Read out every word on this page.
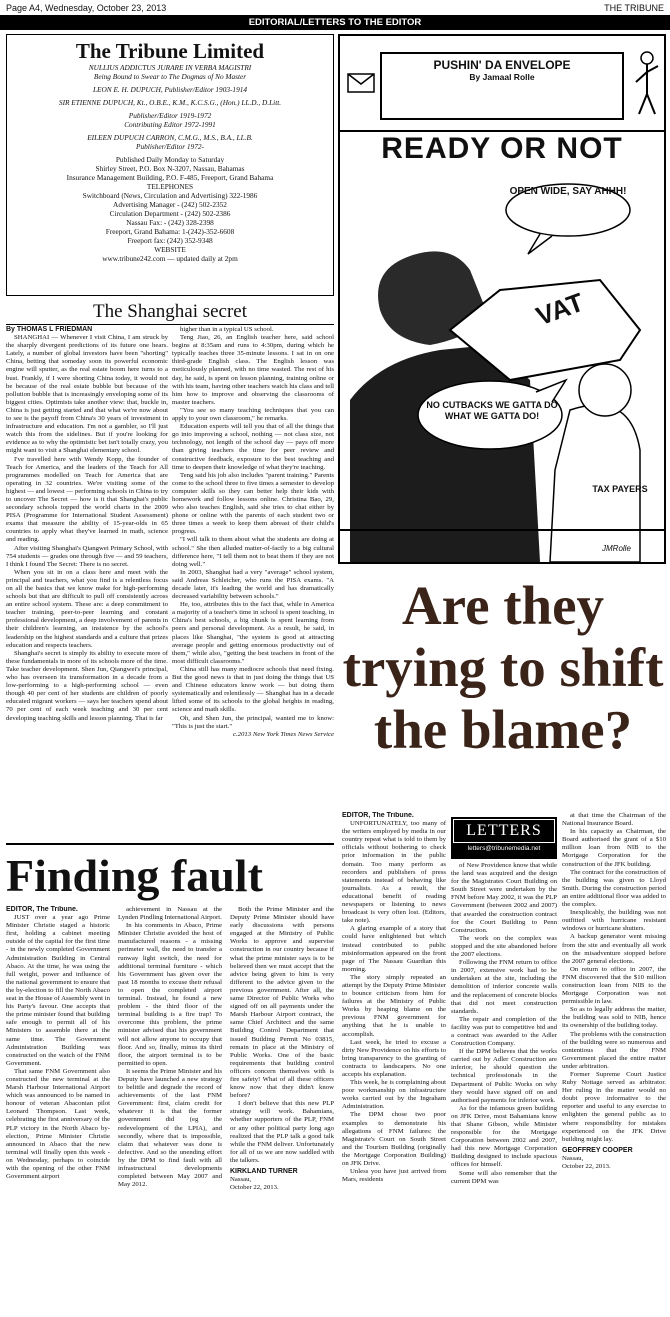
Page A4, Wednesday, October 23, 2013	THE TRIBUNE
EDITORIAL/LETTERS TO THE EDITOR
The Tribune Limited
NULLIUS ADDICTUS JURARE IN VERBA MAGISTRI
Being Bound to Swear to The Dogmas of No Master

LEON E. H. DUPUCH, Publisher/Editor 1903-1914

SIR ETIENNE DUPUCH, Kt., O.B.E., K.M., K.C.S.G., (Hon.) LL.D., D.Litt.

Publisher/Editor 1919-1972
Contributing Editor 1972-1991

EILEEN DUPUCH CARRON, C.M.G., M.S., B.A., LL.B.
Publisher/Editor 1972-

Published Daily Monday to Saturday
Shirley Street, P.O. Box N-3207, Nassau, Bahamas
Insurance Management Building, P.O. F-485, Freeport, Grand Bahama
TELEPHONES
Switchboard (News, Circulation and Advertising) 322-1986
Advertising Manager - (242) 502-2352
Circulation Department - (242) 502-2386
Nassau Fax: - (242) 328-2398
Freeport, Grand Bahama: 1-(242)-352-6608
Freeport fax: (242) 352-9348
WEBSITE
www.tribune242.com — updated daily at 2pm

The Shanghai secret

By THOMAS L FRIEDMAN

SHANGHAI — Whenever I visit China, I am struck by the sharply divergent predictions of its future one hears. Lately, a number of global investors have been "shorting" China, betting that someday soon its powerful economic engine will sputter, as the real estate boom here turns to a bust. Frankly, if I were shorting China today, it would not be because of the real estate bubble but because of the pollution bubble that is increasingly enveloping some of its biggest cities. Optimists take another view: that, buckle in, China is just getting started and that what we're now about to see is the payoff from China's 30 years of investment in infrastructure and education. I'm not a gambler, so I'll just watch this from the sidelines. But if you're looking for evidence as to why the optimistic bet isn't totally crazy, you might want to visit a Shanghai elementary school.

I've travelled here with Wendy Kopp, the founder of Teach for America, and the leaders of the Teach for All programmes modelled on Teach for America that are operating in 32 countries. We're visiting some of the highest — and lowest — performing schools in China to try to uncover The Secret — how is it that Shanghai's public secondary schools topped the world charts in the 2009 PISA (Programme for International Student Assessment) exams that measure the ability of 15-year-olds in 65 countries to apply what they've learned in math, science and reading.

After visiting Shanghai's Qiangwei Primary School, with 754 students — grades one through five — and 59 teachers, I think I found The Secret: There is no secret.

When you sit in on a class here and meet with the principal and teachers, what you find is a relentless focus on all the basics that we know make for high-performing schools but that are difficult to pull off consistently across an entire school system. These are: a deep commitment to teacher training, peer-to-peer learning and constant professional development, a deep involvement of parents in their children's learning, an insistence by the school's leadership on the highest standards and a culture that prizes education and respects teachers.

Shanghai's secret is simply its ability to execute more of these fundamentals in more of its schools more of the time. Take teacher development. Shen Jun, Qiangwei's principal, who has overseen its transformation in a decade from a low-performing to a high-performing school — even though 40 per cent of her students are children of poorly educated migrant workers — says her teachers spend about 70 per cent of each week teaching and 30 per cent developing teaching skills and lesson planning. That is far

higher than in a typical US school.

Teng Jiao, 26, an English teacher here, said school begins at 8:35am and runs to 4:30pm, during which he typically teaches three 35-minute lessons. I sat in on one third-grade English class. The English lesson was meticulously planned, with no time wasted. The rest of his day, he said, is spent on lesson planning, training online or with his team, having other teachers watch his class and tell him how to improve and observing the classrooms of master teachers.

"You see so many teaching techniques that you can apply to your own classroom," he remarks.

Education experts will tell you that of all the things that go into improving a school, nothing — not class size, not technology, not length of the school day — pays off more than giving teachers the time for peer review and constructive feedback, exposure to the best teaching and time to deepen their knowledge of what they're teaching.

Teng said his job also includes "parent training." Parents come to the school three to five times a semester to develop computer skills so they can better help their kids with homework and follow lessons online. Christina Bao, 29, who also teaches English, said she tries to chat either by phone or online with the parents of each student two or three times a week to keep them abreast of their child's progress.

"I will talk to them about what the students are doing at school." She then alluded matter-of-factly to a big cultural difference here, "I tell them not to beat them if they are not doing well."

In 2003, Shanghai had a very "average" school system, said Andreas Schleicher, who runs the PISA exams. "A decade later, it's leading the world and has dramatically decreased variability between schools."

He, too, attributes this to the fact that, while in America a majority of a teacher's time in school is spent teaching, in China's best schools, a big chunk is spent learning from peers and personal development. As a result, he said, in places like Shanghai, "the system is good at attracting average people and getting enormous productivity out of them," while also, "getting the best teachers in front of the most difficult classrooms."

China still has many mediocre schools that need fixing. But the good news is that in just doing the things that US and Chinese educators know work — but doing them systematically and relentlessly — Shanghai has in a decade lifted some of its schools to the global heights in reading, science and math skills.

Oh, and Shen Jun, the principal, wanted me to know: "This is just the start."

c.2013 New York Times News Service

PUSHIN' DA ENVELOPE
By Jamaal Rolle
READY OR NOT
OPEN WIDE, SAY AHHH!
VAT
NO CUTBACKS WE GATTA DO WHAT WE GATTA DO!
TAX PAYERS
JMRolle
Are they trying to shift the blame?

EDITOR, The Tribune.

UNFORTUNATELY, too many of the writers employed by media in our country repeat what is told to them by officials without bothering to check prior information in the public domain. Too many perform as recorders and publishers of press statements instead of behaving like journalists. As a result, the educational benefit of reading newspapers or listening to news broadcast is very often lost. (Editors, take note).

A glaring example of a story that could have enlightened but which instead contributed to public misinformation appeared on the front page of The Nassau Guardian this morning.

The story simply repeated an attempt by the Deputy Prime Minister to bounce criticism from him for failures at the Ministry of Public Works by heaping blame on the previous FNM government for anything that he is unable to accomplish.

Last week, he tried to excuse a dirty New Providence on his efforts to bring transparency to the granting of contracts to landscapers. No one accepts his explanation.

This week, he is complaining about poor workmanship on infrastructure works carried out by the Ingraham Administration.

The DPM chose two poor examples to demonstrate his allegations of FNM failures: the Magistrate's Court on South Street and the Tourism Building (originally the Mortgage Corporation Building) on JFK Drive.

Unless you have just arrived from Mars, residents

LETTERS
letters@tribunemedia.net

of New Providence know that while the land was acquired and the design for the Magistrates Court Building on South Street were undertaken by the FNM before May 2002, it was the PLP Government (between 2002 and 2007) that awarded the construction contract for the Court Building to Penn Construction.

The work on the complex was stopped and the site abandoned before the 2007 elections.

Following the FNM return to office in 2007, extensive work had to be undertaken at the site, including the demolition of inferior concrete walls and the replacement of concrete blocks that did not meet construction standards.

The repair and completion of the facility was put to competitive bid and a contract was awarded to the Adler Construction Company.

If the DPM believes that the works carried out by Adler Construction are inferior, he should question the technical professionals in the Department of Public Works on why they would have signed off on and authorised payments for inferior work.

As for the infamous green building on JFK Drive, most Bahamians know that Shane Gibson, while Minister responsible for the Mortgage Corporation between 2002 and 2007, had this new Mortgage Corporation Building designed to include spacious offices for himself.

Some will also remember that the current DPM was

at that time the Chairman of the National Insurance Board.

In his capacity as Chairman, the Board authorised the grant of a $10 million loan from NIB to the Mortgage Corporation for the construction of the JFK building.

The contract for the construction of the building was given to Lloyd Smith. During the construction period an entire additional floor was added to the complex.

Inexplicably, the building was not outfitted with hurricane resistant windows or hurricane shutters.

A backup generator went missing from the site and eventually all work on the misadventure stopped before the 2007 general elections.

On return to office in 2007, the FNM discovered that the $10 million construction loan from NIB to the Mortgage Corporation was not permissible in law.

So as to legally address the matter, the building was sold to NIB, hence its ownership of the building today.

The problems with the construction of the building were so numerous and contentious that the FNM Government placed the entire matter under arbitration.

Former Supreme Court Justice Ruby Nottage served as arbitrator. Her ruling in the matter would no doubt prove informative to the reporter and useful to any exercise to enlighten the general public as to where responsibility for mistakes experienced on the JFK Drive building might lay.

GEOFFREY COOPER

Nassau,

October 22, 2013.

Finding fault

EDITOR, The Tribune.

JUST over a year ago Prime Minister Christie staged a historic first, holding a cabinet meeting outside of the capital for the first time - in the newly completed Government Administration Building in Central Abaco. At the time, he was using the full weight, power and influence of the national government to ensure that the by-election to fill the North Abaco seat in the House of Assembly went in his Party's favour. One accepts that the prime minister found that building safe enough to permit all of his Ministers to assemble there at the same time. The Government Administration Building was constructed on the watch of the FNM Government.

That same FNM Government also constructed the new terminal at the Marsh Harbour International Airport which was announced to be named in honour of veteran Abaconian pilot Leonard Thompson. Last week, celebrating the first anniversary of the PLP victory in the North Abaco by-election, Prime Minister Christie announced in Abaco that the new terminal will finally open this week - on Wednesday, perhaps to coincide with the opening of the other FNM Government airport

achievement in Nassau at the Lynden Pindling International Airport.

In his comments in Abaco, Prime Minister Christie avoided the host of manufactured reasons - a missing perimeter wall, the need to transfer a runway light switch, the need for additional terminal furniture - which his Government has given over the past 18 months to excuse their refusal to open the completed airport terminal. Instead, he found a new problem - the third floor of the terminal building is a fire trap! To overcome this problem, the prime minister advised that his government will not allow anyone to occupy that floor. And so, finally, minus its third floor, the airport terminal is to be permitted to open.

It seems the Prime Minister and his Deputy have launched a new strategy to belittle and degrade the record of achievements of the last FNM Government: first, claim credit for whatever it is that the former government did (eg the redevelopment of the LPIA), and secondly, where that is impossible, claim that whatever was done is defective. And so the unending effort by the DPM to find fault with all infrastructural developments completed between May 2007 and May 2012.

Both the Prime Minister and the Deputy Prime Minister should have early discussions with persons engaged at the Ministry of Public Works to approve and supervise construction in our country because if what the prime minister says is to be believed then we must accept that the advice being given to him is very different to the advice given to the previous government. After all, the same Director of Public Works who signed off on all payments under the Marsh Harbour Airport contract, the same Chief Architect and the same Building Control Department that issued Building Permit No 03815, remain in place at the Ministry of Public Works. One of the basic requirements that building control officers concern themselves with is fire safety! What of all these officers know now that they didn't know before?

I don't believe that this new PLP strategy will work. Bahamians, whether supporters of the PLP, FNM or any other political party long ago realized that the PLP talk a good talk while the FNM deliver. Unfortunately for all of us we are now saddled with the talkers.

KIRKLAND TURNER

Nassau,

October 22, 2013.
